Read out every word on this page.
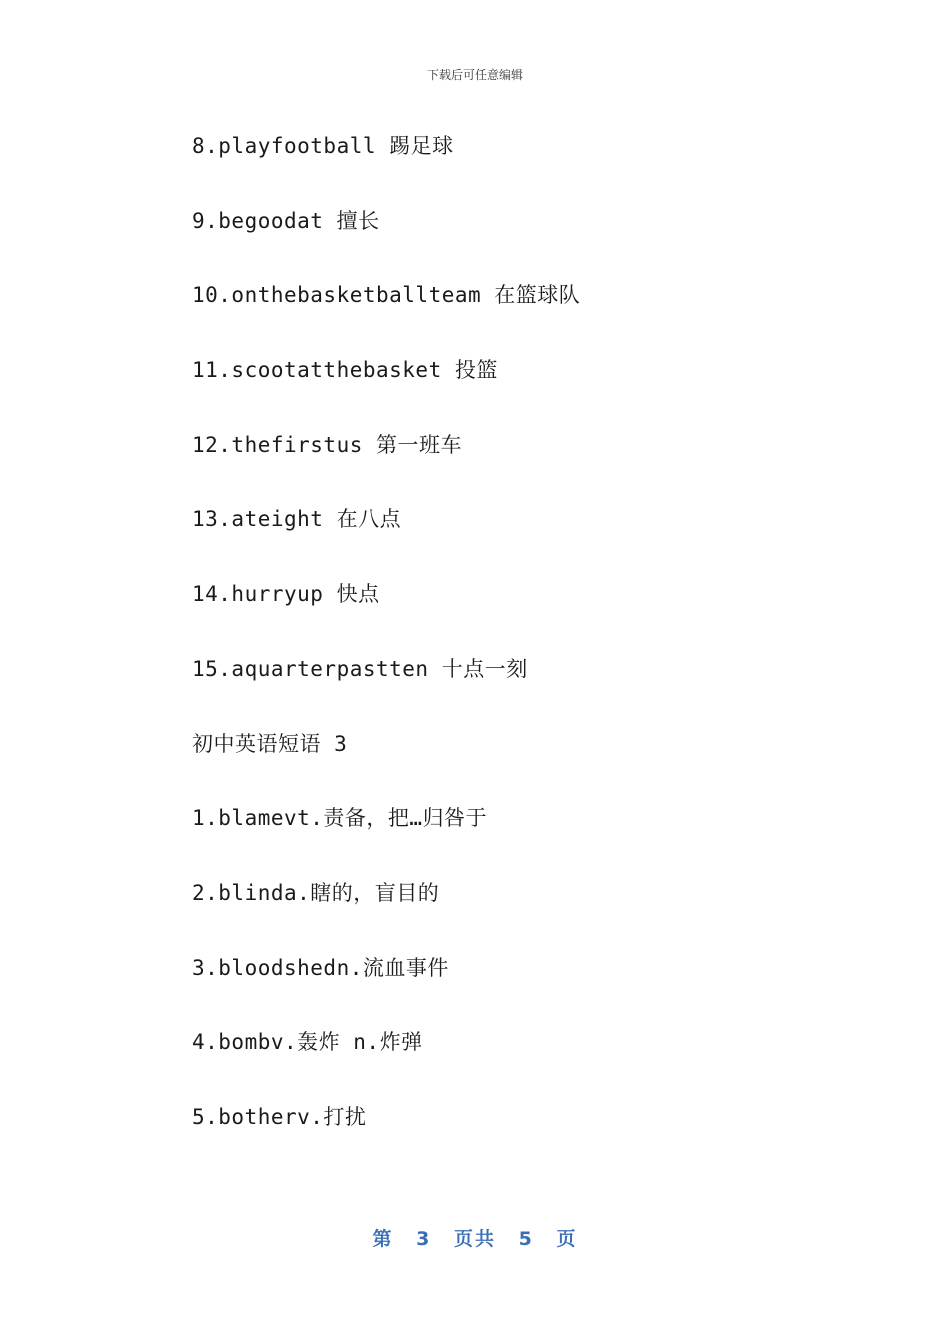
下载后可任意编辑
8.playfootball 踢足球
9.begoodat 擅长
10.onthebasketballteam 在篮球队
11.scootatthebasket 投篮
12.thefirstus 第一班车
13.ateight 在八点
14.hurryup 快点
15.aquarterpastten 十点一刻
初中英语短语 3
1.blamevt.责备，把…归咎于
2.blinda.瞎的，盲目的
3.bloodshedn.流血事件
4.bombv.轰炸 n.炸弹
5.botherv.打扰
第 3 页共 5 页
